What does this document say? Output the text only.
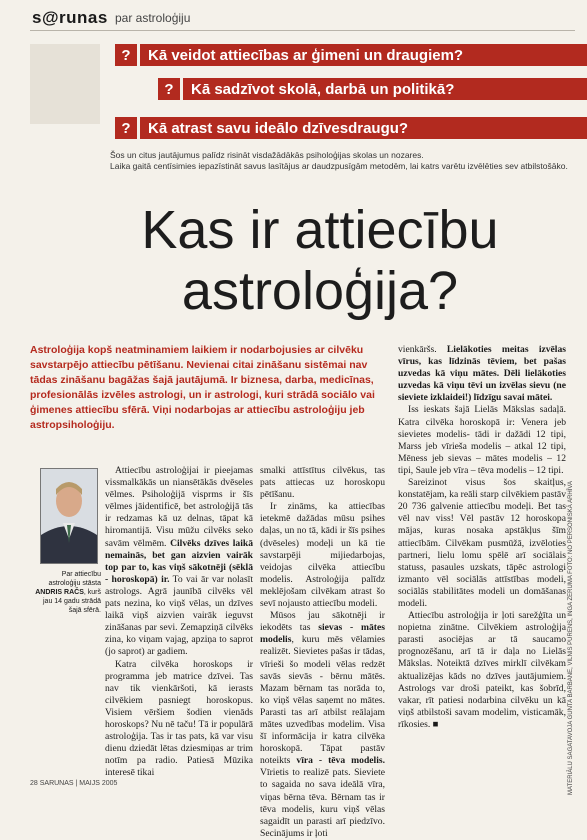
s@runas par astroloģiju
?	Kā veidot attiecības ar ģimeni un draugiem?
?	Kā sadzīvot skolā, darbā un politikā?
?	Kā atrast savu ideālo dzīvesdraugu?
Šos un citus jautājumus palīdz risināt visdažādākās psiholoģijas skolas un nozares.
Laika gaitā centīsimies iepazīstināt savus lasītājus ar daudzpusīgām metodēm, lai katrs varētu izvēlēties sev atbilstošāko.
Kas ir attiecību
astroloģija?
Astroloģija kopš neatminamiem laikiem ir nodarbojusies ar cilvēku savstarpējo attiecību pētīšanu. Nevienai citai zināšanu sistēmai nav tādas zināšanu bagāžas šajā jautājumā. Ir biznesa, darba, medicīnas, profesionālās izvēles astrologi, un ir astrologi, kuri strādā sociālo vai ģimenes attiecību sfērā. Viņi nodarbojas ar attiecību astroloģiju jeb astropsiholoģiju.
Par attiecību astroloģiju stāsta
ANDRIS RAČS, kurš jau 14 gadu strādā šajā sfērā.

Attiecību astroloģijai ir pieejamas vissmalkākās un niansētākās dvēseles vēlmes. Psiholoģijā visprms ir šīs vēlmes jāidentificē, bet astroloģijā tās ir redzamas kā uz delnas, tāpat kā hiromantijā. Visu mūžu cilvēks seko savām vēlmēm. Cilvēks dzīves laikā nemainās, bet gan aizvien vairāk top par to, kas viņš sākotnēji (sēklā - horoskopā) ir. To vai ār var nolasīt astrologs. Agrā jaunībā cilvēks vēl pats nezina, ko viņš vēlas, un dzīves laikā viņš aizvien vairāk ieguvst zināšanas par sevi. Zemapziņā cilvēks zina, ko viņam vajag, apziņa to saprot (jo saprot) ar gadiem.

Katra cilvēka horoskops ir programma jeb matrice dzīvei. Tas nav tik vienkāršoti, kā ierasts cilvēkiem pasniegt horoskopus. Visiem vēršiem šodien vienāds horoskops? Nu nē taču! Tā ir populārā astroloģija. Tas ir tas pats, kā var visu dienu dziedāt lētas dziesmiņas ar trim notīm pa radio. Patiesā Mūzika interesē tikai

smalki attīstītus cilvēkus, tas pats attiecas uz horoskopu pētīšanu.

Ir zināms, ka attiecības ietekmē dažādas mūsu psihes daļas, un no tā, kādi ir šīs psihes (dvēseles) modeļi un kā tie savstarpēji mijiedarbojas, veidojas cilvēka attiecību modelis. Astroloģija palīdz meklējošam cilvēkam atrast šo sevī nojausto attiecību modeli.

Mūsos jau sākotnēji ir iekodēts tas sievas - mātes modelis, kuru mēs vēlamies realizēt. Sievietes pašas ir tādas, vīrieši šo modeli vēlas redzēt savās sievās - bērnu mātēs. Mazam bērnam tas norāda to, ko viņš vēlas saņemt no mātes. Parasti tas arī atbilst reālajam mātes uzvedības modelim. Visa šī informācija ir katra cilvēka horoskopā. Tāpat pastāv noteikts vīra - tēva modelis. Vīrietis to realizē pats. Sieviete to sagaida no sava ideālā vīra, viņas bērna tēva. Bērnam tas ir tēva modelis, kuru viņš vēlas sagaidīt un parasti arī piedzīvo. Secinājums ir ļoti

vienkāršs. Lielākoties meitas izvēlas vīrus, kas līdzinās tēviem, bet pašas uzvedas kā viņu mātes. Dēli lielākoties uzvedas kā viņu tēvi un izvēlas sievu (ne sieviete izklaidei!) līdzīgu savai mātei.

Iss ieskats šajā Lielās Mākslas sadaļā. Katra cilvēka horoskopā ir: Venera jeb sievietes modelis- tādi ir dažādi 12 tipi, Marss jeb vīrieša modelis – atkal 12 tipi, Mēness jeb sievas – mātes modelis – 12 tipi, Saule jeb vīra – tēva modelis – 12 tipi.

Sareizinot visus šos skaitļus, konstatējam, ka reāli starp cilvēkiem pastāv 20 736 galvenie attiecību modeļi. Bet tas vēl nav viss! Vēl pastāv 12 horoskopa mājas, kuras nosaka apstākļus šīm attiecībām. Cilvēkam pusmūžā, izvēloties partneri, lielu lomu spēlē arī sociālais statuss, pasaules uzskats, tāpēc astrologi izmanto vēl sociālās attīstības modeli, sociālās stabilitātes modeli un domāšanas modeli.

Attiecību astroloģija ir ļoti sarežģīta un nopietna zinātne. Cilvēkiem astroloģija parasti asociējas ar tā saucamo prognozēšanu, arī tā ir daļa no Lielās Mākslas. Noteiktā dzīves mirklī cilvēkam aktualizējas kāds no dzīves jautājumiem. Astrologs var droši pateikt, kas šobrīd, vakar, rīt patiesi nodarbina cilvēku un kā viņš atbilstoši savam modelim, visticamāk, rīkosies. ■	MATERIĀLU SAGATAVOJA GUNTA BARBANE, VILNIS PURENS, INGA ZERUMA FOTO: NO PERSONISKĀ ARHĪVA
28 SARUNAS | MAIJS 2005
